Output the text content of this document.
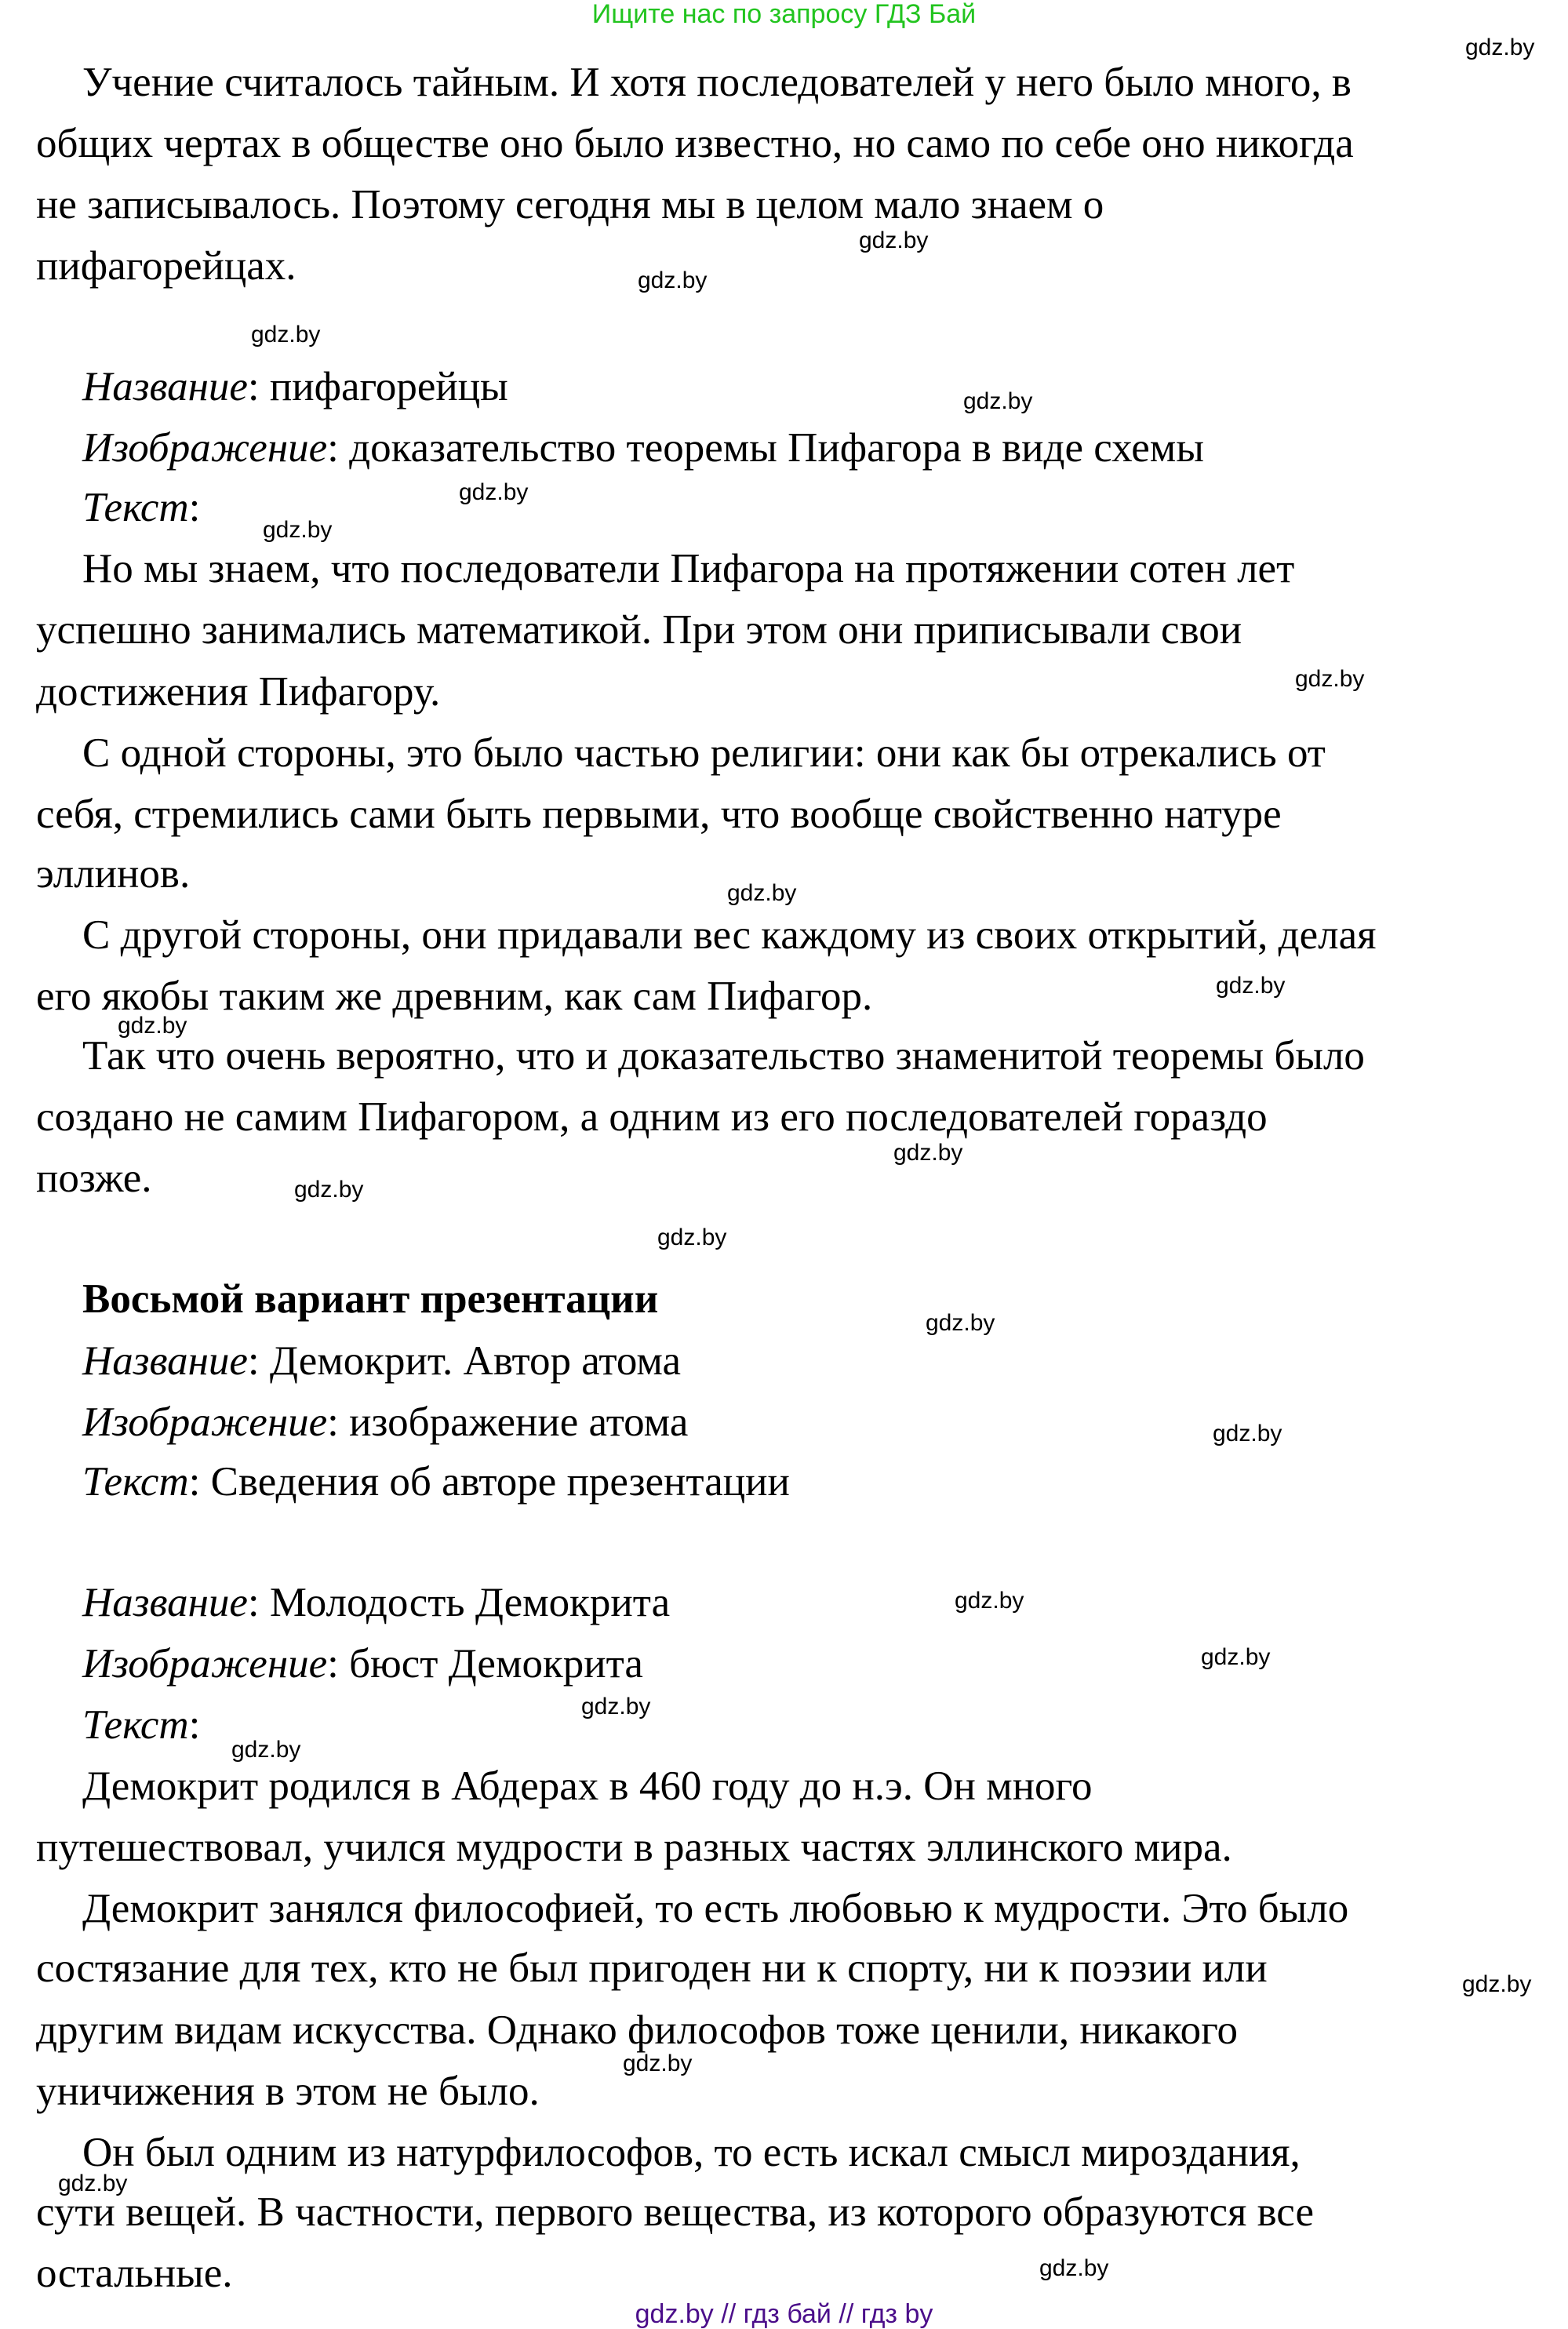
Ищите нас по запросу ГДЗ Бай
Учение считалось тайным. И хотя последователей у него было много, в
общих чертах в обществе оно было известно, но само по себе оно никогда
не записывалось. Поэтому сегодня мы в целом мало знаем о
пифагорейцах.
Название: пифагорейцы
Изображение: доказательство теоремы Пифагора в виде схемы
Текст:
Но мы знаем, что последователи Пифагора на протяжении сотен лет
успешно занимались математикой. При этом они приписывали свои
достижения Пифагору.
С одной стороны, это было частью религии: они как бы отрекались от
себя, стремились сами быть первыми, что вообще свойственно натуре
эллинов.
С другой стороны, они придавали вес каждому из своих открытий, делая
его якобы таким же древним, как сам Пифагор.
Так что очень вероятно, что и доказательство знаменитой теоремы было
создано не самим Пифагором, а одним из его последователей гораздо
позже.
Восьмой вариант презентации
Название: Демокрит. Автор атома
Изображение: изображение атома
Текст: Сведения об авторе презентации
Название: Молодость Демокрита
Изображение: бюст Демокрита
Текст:
Демокрит родился в Абдерах в 460 году до н.э. Он много
путешествовал, учился мудрости в разных частях эллинского мира.
Демокрит занялся философией, то есть любовью к мудрости. Это было
состязание для тех, кто не был пригоден ни к спорту, ни к поэзии или
другим видам искусства. Однако философов тоже ценили, никакого
уничижения в этом не было.
Он был одним из натурфилософов, то есть искал смысл мироздания,
сути вещей. В частности, первого вещества, из которого образуются все
остальные.
gdz.by
gdz.by
gdz.by
gdz.by
gdz.by
gdz.by
gdz.by
gdz.by
gdz.by
gdz.by
gdz.by
gdz.by
gdz.by
gdz.by
gdz.by
gdz.by
gdz.by
gdz.by
gdz.by
gdz.by
gdz.by
gdz.by
gdz.by
gdz.by
gdz.by // гдз бай // гдз by
